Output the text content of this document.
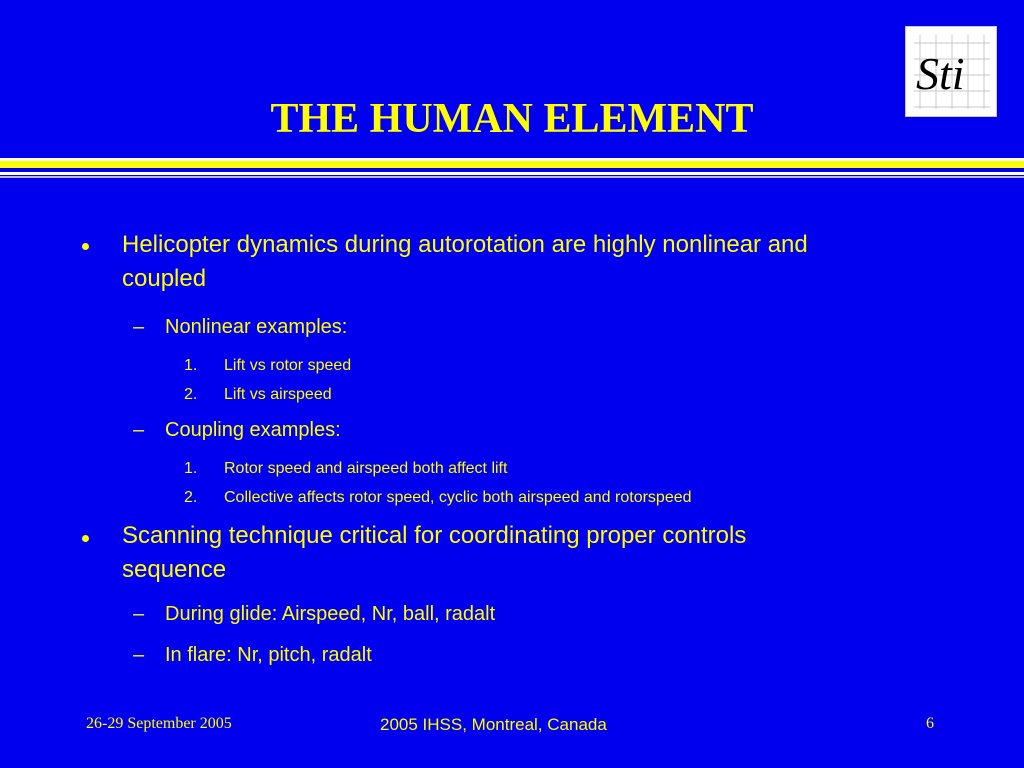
Sti
THE HUMAN ELEMENT
Helicopter dynamics during autorotation are highly nonlinear and
coupled
– Nonlinear examples:
1. Lift vs rotor speed
2. Lift vs airspeed
– Coupling examples:
1. Rotor speed and airspeed both affect lift
2. Collective affects rotor speed, cyclic both airspeed and rotorspeed
Scanning technique critical for coordinating proper controls
sequence
– During glide: Airspeed, Nr, ball, radalt
– In flare: Nr, pitch, radalt
26-29 September 2005	2005 IHSS, Montreal, Canada	6
